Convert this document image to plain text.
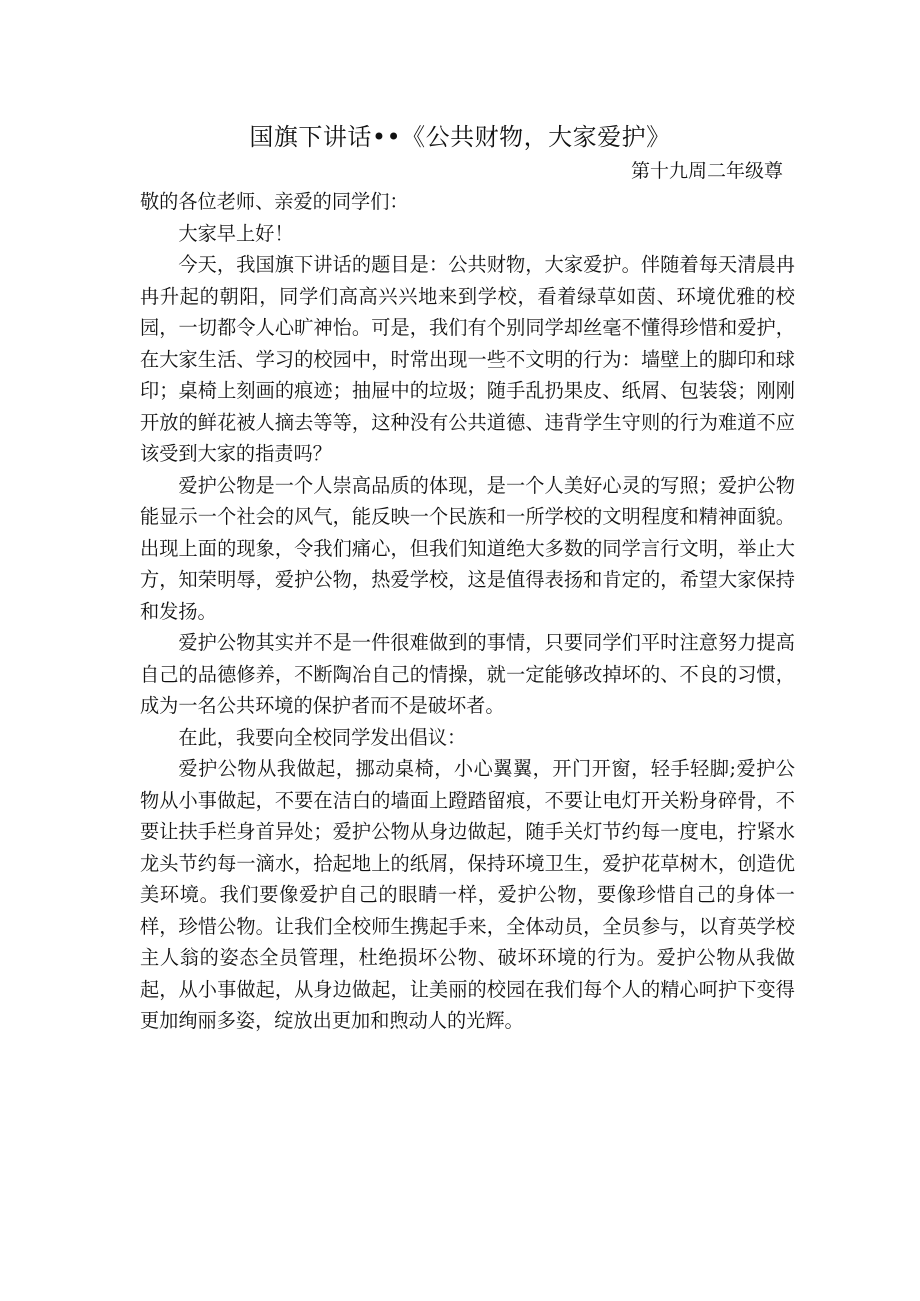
国旗下讲话••《公共财物，大家爱护》
第十九周二年级尊

敬的各位老师、亲爱的同学们：

大家早上好！

今天，我国旗下讲话的题目是：公共财物，大家爱护。伴随着每天清晨冉冉升起的朝阳，同学们高高兴兴地来到学校，看着绿草如茵、环境优雅的校园，一切都令人心旷神怡。可是，我们有个别同学却丝毫不懂得珍惜和爱护，在大家生活、学习的校园中，时常出现一些不文明的行为：墙壁上的脚印和球印；桌椅上刻画的痕迹；抽屉中的垃圾；随手乱扔果皮、纸屑、包装袋；刚刚开放的鲜花被人摘去等等，这种没有公共道德、违背学生守则的行为难道不应该受到大家的指责吗？

爱护公物是一个人崇高品质的体现，是一个人美好心灵的写照；爱护公物能显示一个社会的风气，能反映一个民族和一所学校的文明程度和精神面貌。出现上面的现象，令我们痛心，但我们知道绝大多数的同学言行文明，举止大方，知荣明辱，爱护公物，热爱学校，这是值得表扬和肯定的，希望大家保持和发扬。

爱护公物其实并不是一件很难做到的事情，只要同学们平时注意努力提高自己的品德修养，不断陶冶自己的情操，就一定能够改掉坏的、不良的习惯，成为一名公共环境的保护者而不是破坏者。

在此，我要向全校同学发出倡议：

爱护公物从我做起，挪动桌椅，小心翼翼，开门开窗，轻手轻脚;爱护公物从小事做起，不要在洁白的墙面上蹬踏留痕，不要让电灯开关粉身碎骨，不要让扶手栏身首异处；爱护公物从身边做起，随手关灯节约每一度电，拧紧水龙头节约每一滴水，拾起地上的纸屑，保持环境卫生，爱护花草树木，创造优美环境。我们要像爱护自己的眼睛一样，爱护公物，要像珍惜自己的身体一样，珍惜公物。让我们全校师生携起手来，全体动员，全员参与，以育英学校主人翁的姿态全员管理，杜绝损坏公物、破坏环境的行为。爱护公物从我做起，从小事做起，从身边做起，让美丽的校园在我们每个人的精心呵护下变得更加绚丽多姿，绽放出更加和煦动人的光辉。
